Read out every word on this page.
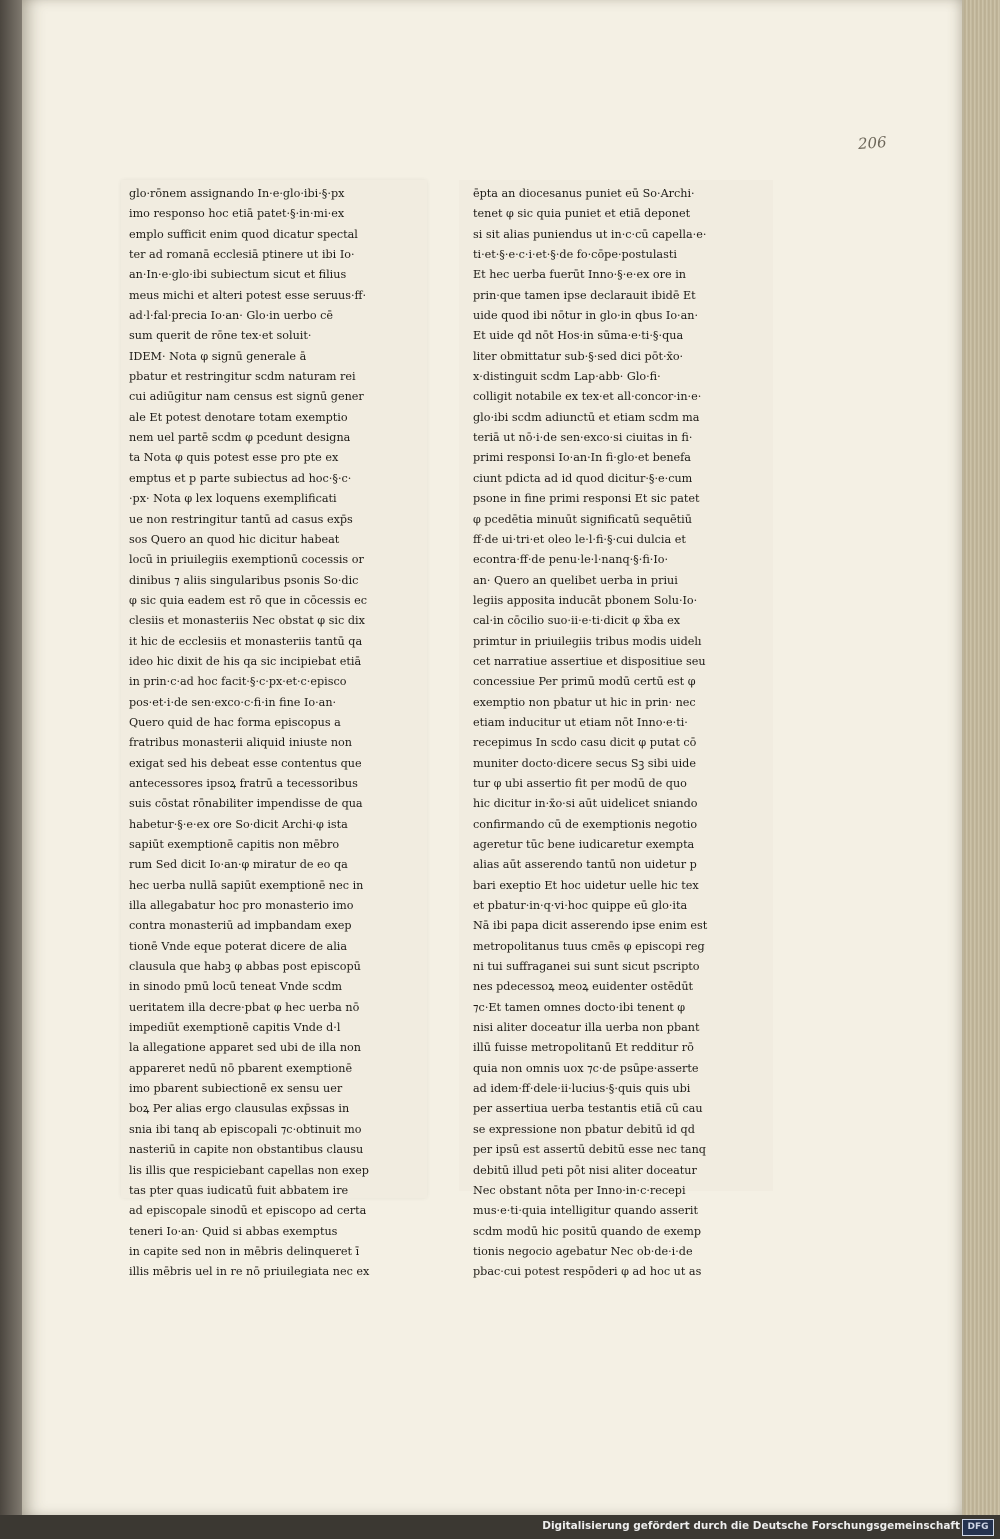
206
glo·rōnem assignando In·e·glo·ibi·§·px
imo responso hoc etiā patet·§·in·mi·ex
emplo sufficit enim quod dicatur spectal
ter ad romanā ecclesiā ptinere ut ibi Io·
an·In·e·glo·ibi subiectum sicut et filius
meus michi et alteri potest esse seruus·ff·
ad·l·fal·precia Io·an· Glo·in uerbo cē
sum querit de rōne tex·et soluit·
IDEM· Nota φ signū generale ā
pbatur et restringitur scdm naturam rei
cui adiūgitur nam census est signū gener
ale Et potest denotare totam exemptio
nem uel partē scdm φ pcedunt designa
ta Nota φ quis potest esse pro pte ex
emptus et p parte subiectus ad hoc·§·c·
·px· Nota φ lex loquens exemplificati
ue non restringitur tantū ad casus exp̄s
sos Quero an quod hic dicitur habeat
locū in priuilegiis exemptionū cocessis or
dinibus ⁊ aliis singularibus psonis So·dic
φ sic quia eadem est rō que in cōcessis ec
clesiis et monasteriis Nec obstat φ sic dix
it hic de ecclesiis et monasteriis tantū qa
ideo hic dixit de his qa sic incipiebat etiā
in prin·c·ad hoc facit·§·c·px·et·c·episco
pos·et·i·de sen·exco·c·fi·in fine Io·an·
Quero quid de hac forma episcopus a
fratribus monasterii aliquid iniuste non
exigat sed his debeat esse contentus que
antecessores ipsoꝝ fratrū a tecessoribus
suis cōstat rōnabiliter impendisse de qua
habetur·§·e·ex ore So·dicit Archi·φ ista
sapiūt exemptionē capitis non mēbro
rum Sed dicit Io·an·φ miratur de eo qa
hec uerba nullā sapiūt exemptionē nec in
illa allegabatur hoc pro monasterio imo
contra monasteriū ad impbandam exep
tionē Vnde eque poterat dicere de alia
clausula que habꝫ φ abbas post episcopū
in sinodo pmū locū teneat Vnde scdm
ueritatem illa decre·pbat φ hec uerba nō
impediūt exemptionē capitis Vnde d·l
la allegatione apparet sed ubi de illa non
appareret nedū nō pbarent exemptionē
imo pbarent subiectionē ex sensu uer
boꝝ Per alias ergo clausulas exp̄ssas in
snia ibi tanq ab episcopali ⁊c·obtinuit mo
nasteriū in capite non obstantibus clausu
lis illis que respiciebant capellas non exep
tas pter quas iudicatū fuit abbatem ire
ad episcopale sinodū et episcopo ad certa
teneri Io·an· Quid si abbas exemptus
in capite sed non in mēbris delinqueret ī
illis mēbris uel in re nō priuilegiata nec ex
ēpta an diocesanus puniet eū So·Archi·
tenet φ sic quia puniet et etiā deponet
si sit alias puniendus ut in·c·cū capella·e·
ti·et·§·e·c·i·et·§·de fo·cōpe·postulasti
Et hec uerba fuerūt Inno·§·e·ex ore in
prin·que tamen ipse declarauit ibidē Et
uide quod ibi nōtur in glo·in qbus Io·an·
Et uide qd nōt Hos·in sūma·e·ti·§·qua
liter obmittatur sub·§·sed dici pōt·x̄o·
x·distinguit scdm Lap·abb· Glo·fi·
colligit notabile ex tex·et all·concor·in·e·
glo·ibi scdm adiunctū et etiam scdm ma
teriā ut nō·i·de sen·exco·si ciuitas in fi·
primi responsi Io·an·In fi·glo·et benefa
ciunt pdicta ad id quod dicitur·§·e·cum
psone in fine primi responsi Et sic patet
φ pcedētia minuūt significatū sequētiū
ff·de ui·tri·et oleo le·l·fi·§·cui dulcia et
econtra·ff·de penu·le·l·nanq·§·fi·Io·
an· Quero an quelibet uerba in priui
legiis apposita inducāt pbonem Solu·Io·
cal·in cōcilio suo·ii·e·ti·dicit φ x̄ba ex
primtur in priuilegiis tribus modis uidelı
cet narratiue assertiue et dispositiue seu
concessiue Per primū modū certū est φ
exemptio non pbatur ut hic in prin· nec
etiam inducitur ut etiam nōt Inno·e·ti·
recepimus In scdo casu dicit φ putat cō
muniter docto·dicere secus Sꝫ sibi uide
tur φ ubi assertio fit per modū de quo
hic dicitur in·x̄o·si aūt uidelicet sniando
confirmando cū de exemptionis negotio
ageretur tūc bene iudicaretur exempta
alias aūt asserendo tantū non uidetur p
bari exeptio Et hoc uidetur uelle hic tex
et pbatur·in·q·vi·hoc quippe eū glo·ita
Nā ibi papa dicit asserendo ipse enim est
metropolitanus tuus cmēs φ episcopi reg
ni tui suffraganei sui sunt sicut pscripto
nes pdecessoꝝ meoꝝ euidenter ostēdūt
⁊c·Et tamen omnes docto·ibi tenent φ
nisi aliter doceatur illa uerba non pbant
illū fuisse metropolitanū Et redditur rō
quia non omnis uox ⁊c·de psūpe·asserte
ad idem·ff·dele·ii·lucius·§·quis quis ubi
per assertiua uerba testantis etiā cū cau
se expressione non pbatur debitū id qd
per ipsū est assertū debitū esse nec tanq
debitū illud peti pōt nisi aliter doceatur
Nec obstant nōta per Inno·in·c·recepi
mus·e·ti·quia intelligitur quando asserit
scdm modū hic positū quando de exemp
tionis negocio agebatur Nec ob·de·i·de
pbac·cui potest respōderi φ ad hoc ut as
Digitalisierung gefördert durch die Deutsche Forschungsgemeinschaft DFG
